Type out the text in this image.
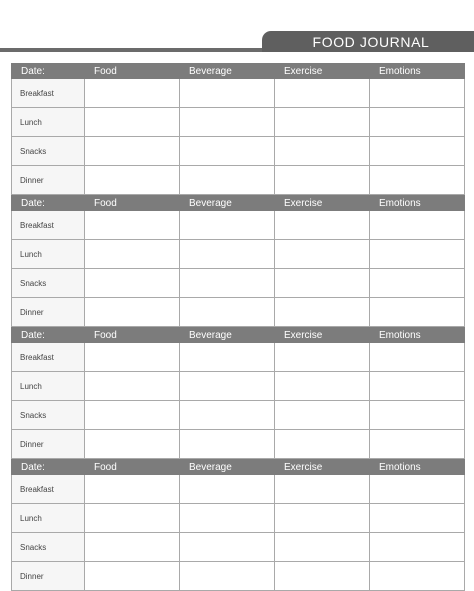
FOOD JOURNAL
Date:	Food	Beverage	Exercise	Emotions
Breakfast				
Lunch				
Snacks				
Dinner				
Date:	Food	Beverage	Exercise	Emotions
Breakfast				
Lunch				
Snacks				
Dinner				
Date:	Food	Beverage	Exercise	Emotions
Breakfast				
Lunch				
Snacks				
Dinner				
Date:	Food	Beverage	Exercise	Emotions
Breakfast				
Lunch				
Snacks				
Dinner				
